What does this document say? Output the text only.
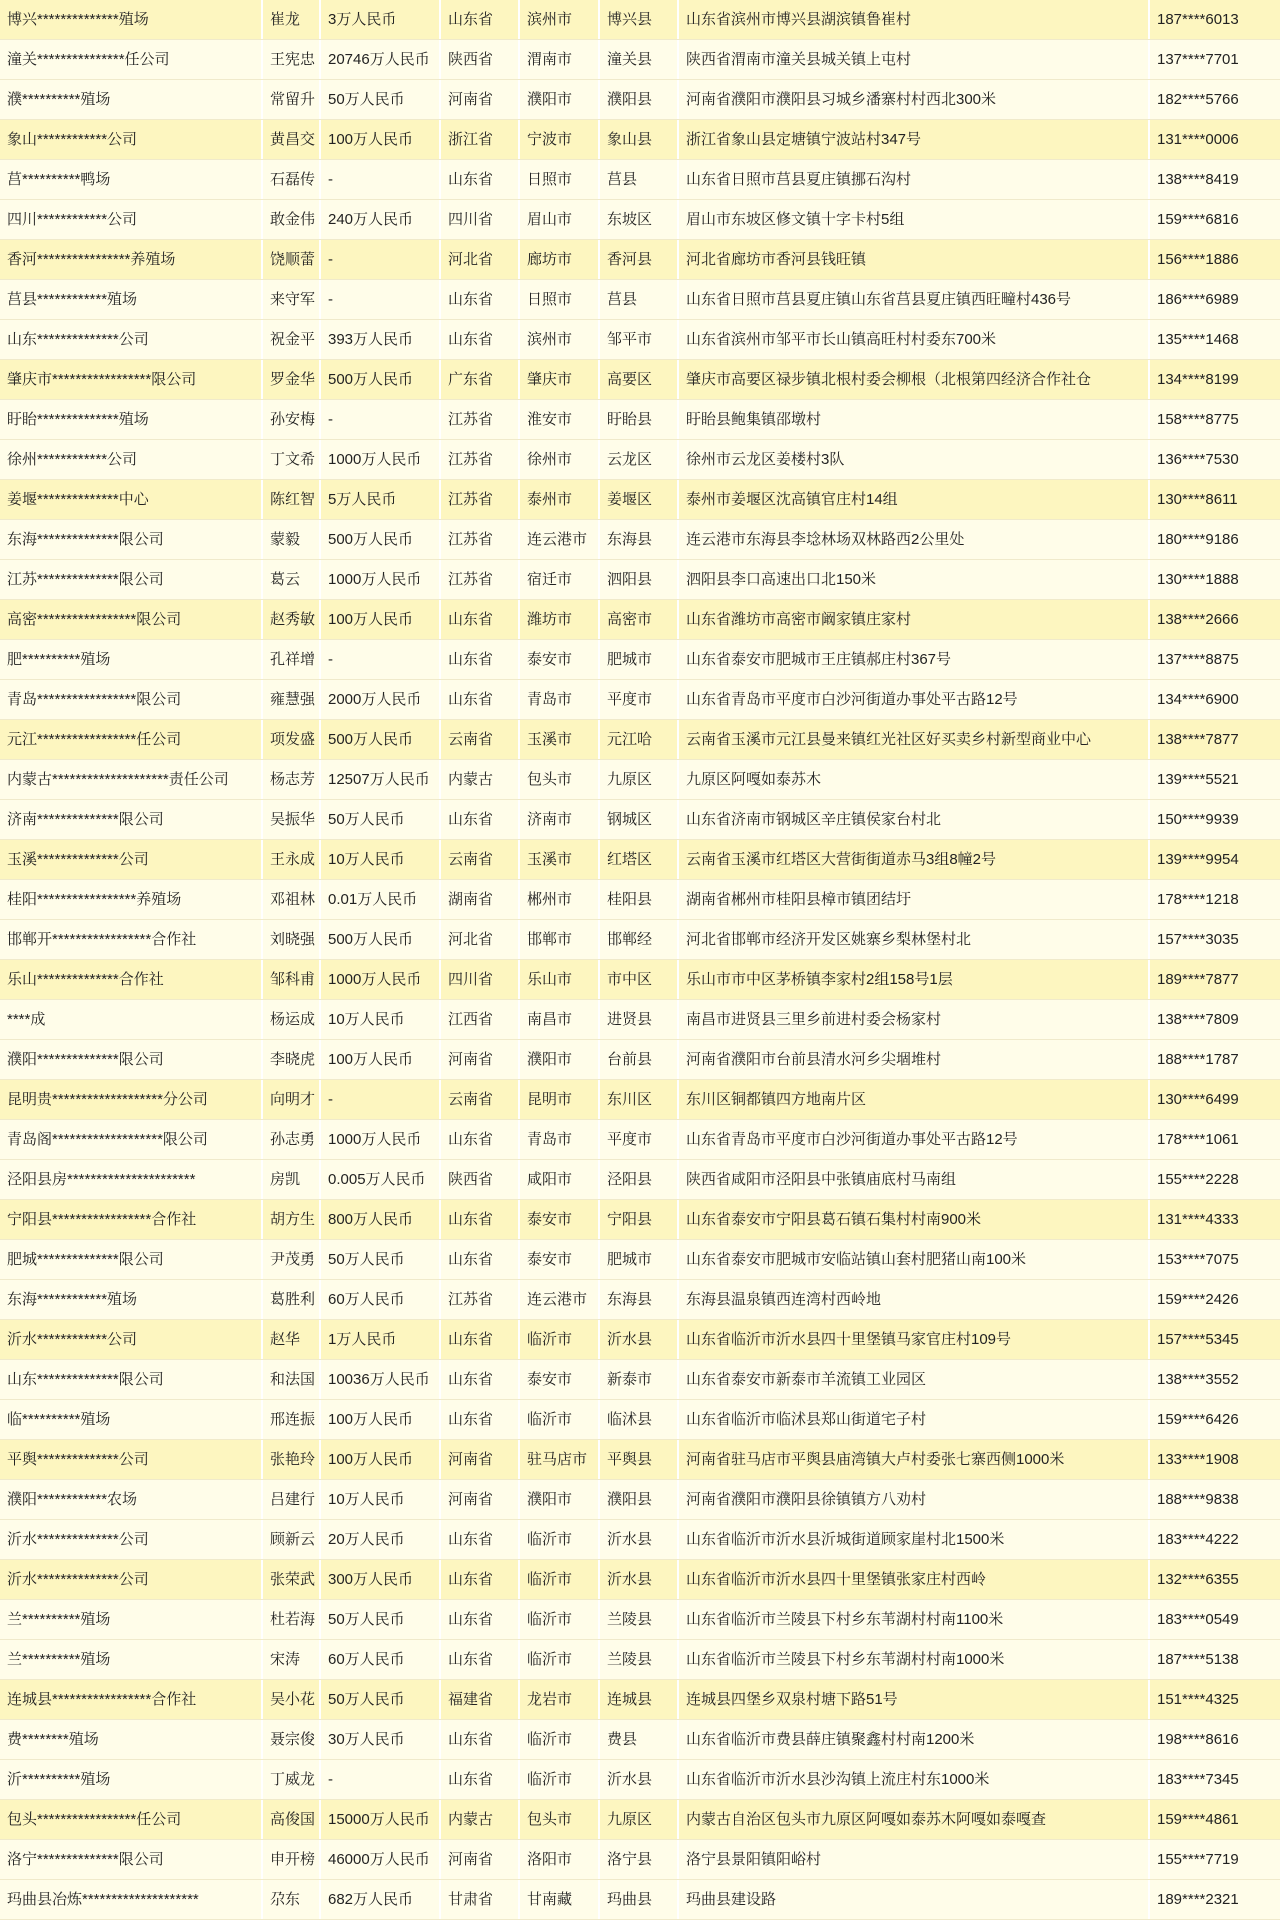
博兴**************殖场	崔龙	3万人民币	山东省	滨州市	博兴县	山东省滨州市博兴县湖滨镇鲁崔村	187****6013
潼关***************任公司	王宪忠 20746万人民币	陕西省	渭南市	潼关县	陕西省渭南市潼关县城关镇上屯村	137****7701
濮**********殖场	常留升 50万人民币	河南省	濮阳市	濮阳县	河南省濮阳市濮阳县习城乡潘寨村村西北300米	182****5766
象山************公司	黄昌交 100万人民币	浙江省	宁波市	象山县	浙江省象山县定塘镇宁波站村347号	131****0006
莒**********鸭场	石磊传 -	山东省	日照市	莒县	山东省日照市莒县夏庄镇挪石沟村	138****8419
四川************公司	敢金伟 240万人民币	四川省	眉山市	东坡区	眉山市东坡区修文镇十字卡村5组	159****6816
香河****************养殖场	饶顺蕾 -	河北省	廊坊市	香河县	河北省廊坊市香河县钱旺镇	156****1886
莒县************殖场	来守军 -	山东省	日照市	莒县	山东省日照市莒县夏庄镇山东省莒县夏庄镇西旺疃村436号	186****6989
山东**************公司	祝金平 393万人民币	山东省	滨州市	邹平市	山东省滨州市邹平市长山镇高旺村村委东700米	135****1468
肇庆市*****************限公司	罗金华 500万人民币	广东省	肇庆市	高要区	肇庆市高要区禄步镇北根村委会柳根（北根第四经济合作社仓	134****8199
盱眙**************殖场	孙安梅 -	江苏省	淮安市	盱眙县	盱眙县鲍集镇邵墩村	158****8775
徐州************公司	丁文希 1000万人民币	江苏省	徐州市	云龙区	徐州市云龙区姜楼村3队	136****7530
姜堰**************中心	陈红智 5万人民币	江苏省	泰州市	姜堰区	泰州市姜堰区沈高镇官庄村14组	130****8611
东海**************限公司	蒙毅	500万人民币	江苏省	连云港市	东海县	连云港市东海县李埝林场双林路西2公里处	180****9186
江苏**************限公司	葛云	1000万人民币	江苏省	宿迁市	泗阳县	泗阳县李口高速出口北150米	130****1888
高密*****************限公司	赵秀敏 100万人民币	山东省	潍坊市	高密市	山东省潍坊市高密市阚家镇庄家村	138****2666
肥**********殖场	孔祥增 -	山东省	泰安市	肥城市	山东省泰安市肥城市王庄镇郝庄村367号	137****8875
青岛*****************限公司	雍慧强 2000万人民币	山东省	青岛市	平度市	山东省青岛市平度市白沙河街道办事处平古路12号	134****6900
元江*****************任公司	项发盛 500万人民币	云南省	玉溪市	元江哈	云南省玉溪市元江县曼来镇红光社区好买卖乡村新型商业中心	138****7877
内蒙古********************责任公司	杨志芳 12507万人民币	内蒙古	包头市	九原区	九原区阿嘎如泰苏木	139****5521
济南**************限公司	吴振华 50万人民币	山东省	济南市	钢城区	山东省济南市钢城区辛庄镇侯家台村北	150****9939
玉溪**************公司	王永成 10万人民币	云南省	玉溪市	红塔区	云南省玉溪市红塔区大营街街道赤马3组8幢2号	139****9954
桂阳*****************养殖场	邓祖林 0.01万人民币	湖南省	郴州市	桂阳县	湖南省郴州市桂阳县樟市镇团结圩	178****1218
邯郸开*****************合作社	刘晓强 500万人民币	河北省	邯郸市	邯郸经	河北省邯郸市经济开发区姚寨乡梨林堡村北	157****3035
乐山**************合作社	邹科甫 1000万人民币	四川省	乐山市	市中区	乐山市市中区茅桥镇李家村2组158号1层	189****7877
****成	杨运成 10万人民币	江西省	南昌市	进贤县	南昌市进贤县三里乡前进村委会杨家村	138****7809
濮阳**************限公司	李晓虎 100万人民币	河南省	濮阳市	台前县	河南省濮阳市台前县清水河乡尖堌堆村	188****1787
昆明贵*******************分公司	向明才 -	云南省	昆明市	东川区	东川区铜都镇四方地南片区	130****6499
青岛阁*******************限公司	孙志勇 1000万人民币	山东省	青岛市	平度市	山东省青岛市平度市白沙河街道办事处平古路12号	178****1061
泾阳县房**********************	房凯	0.005万人民币	陕西省	咸阳市	泾阳县	陕西省咸阳市泾阳县中张镇庙底村马南组	155****2228
宁阳县*****************合作社	胡方生 800万人民币	山东省	泰安市	宁阳县	山东省泰安市宁阳县葛石镇石集村村南900米	131****4333
肥城**************限公司	尹茂勇 50万人民币	山东省	泰安市	肥城市	山东省泰安市肥城市安临站镇山套村肥猪山南100米	153****7075
东海************殖场	葛胜利 60万人民币	江苏省	连云港市	东海县	东海县温泉镇西连湾村西岭地	159****2426
沂水************公司	赵华	1万人民币	山东省	临沂市	沂水县	山东省临沂市沂水县四十里堡镇马家官庄村109号	157****5345
山东**************限公司	和法国 10036万人民币	山东省	泰安市	新泰市	山东省泰安市新泰市羊流镇工业园区	138****3552
临**********殖场	邢连振 100万人民币	山东省	临沂市	临沭县	山东省临沂市临沭县郑山街道宅子村	159****6426
平舆**************公司	张艳玲 100万人民币	河南省	驻马店市	平舆县	河南省驻马店市平舆县庙湾镇大卢村委张七寨西侧1000米	133****1908
濮阳************农场	吕建行 10万人民币	河南省	濮阳市	濮阳县	河南省濮阳市濮阳县徐镇镇方八劝村	188****9838
沂水**************公司	顾新云 20万人民币	山东省	临沂市	沂水县	山东省临沂市沂水县沂城街道顾家崖村北1500米	183****4222
沂水**************公司	张荣武 300万人民币	山东省	临沂市	沂水县	山东省临沂市沂水县四十里堡镇张家庄村西岭	132****6355
兰**********殖场	杜若海 50万人民币	山东省	临沂市	兰陵县	山东省临沂市兰陵县下村乡东苇湖村村南1100米	183****0549
兰**********殖场	宋涛	60万人民币	山东省	临沂市	兰陵县	山东省临沂市兰陵县下村乡东苇湖村村南1000米	187****5138
连城县*****************合作社	吴小花 50万人民币	福建省	龙岩市	连城县	连城县四堡乡双泉村塘下路51号	151****4325
费********殖场	聂宗俊 30万人民币	山东省	临沂市	费县	山东省临沂市费县薛庄镇聚鑫村村南1200米	198****8616
沂**********殖场	丁威龙 -	山东省	临沂市	沂水县	山东省临沂市沂水县沙沟镇上流庄村东1000米	183****7345
包头*****************任公司	高俊国 15000万人民币	内蒙古	包头市	九原区	内蒙古自治区包头市九原区阿嘎如泰苏木阿嘎如泰嘎查	159****4861
洛宁**************限公司	申开榜 46000万人民币	河南省	洛阳市	洛宁县	洛宁县景阳镇阳峪村	155****7719
玛曲县冶炼********************	尕东	682万人民币	甘肃省	甘南藏	玛曲县	玛曲县建设路	189****2321
